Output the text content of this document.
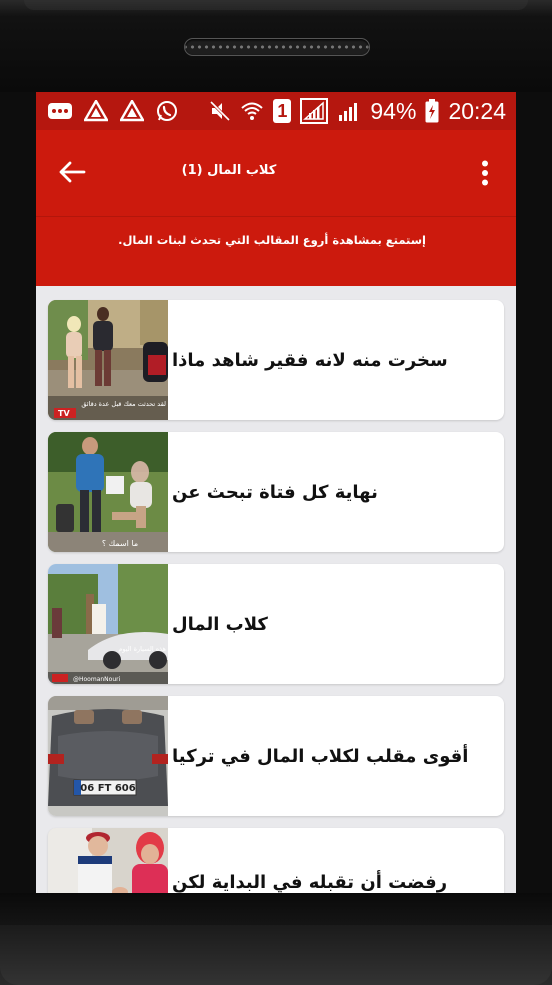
1	94% 20:24
كلاب المال (1)
إستمتع بمشاهدة أروع المقالب التي تحدث لبنات المال.
لقد تحدثت معك قبل عدة دقائق
TV
سخرت منه لانه فقير شاهد ماذا
ما اسمك ؟
نهاية كل فتاة تبحث عن
هذه السيارة اليوم
@HoomanNouri
كلاب المال
06 FT 606
أقوى مقلب لكلاب المال في تركيا
رفضت أن تقبله في البداية لكن
